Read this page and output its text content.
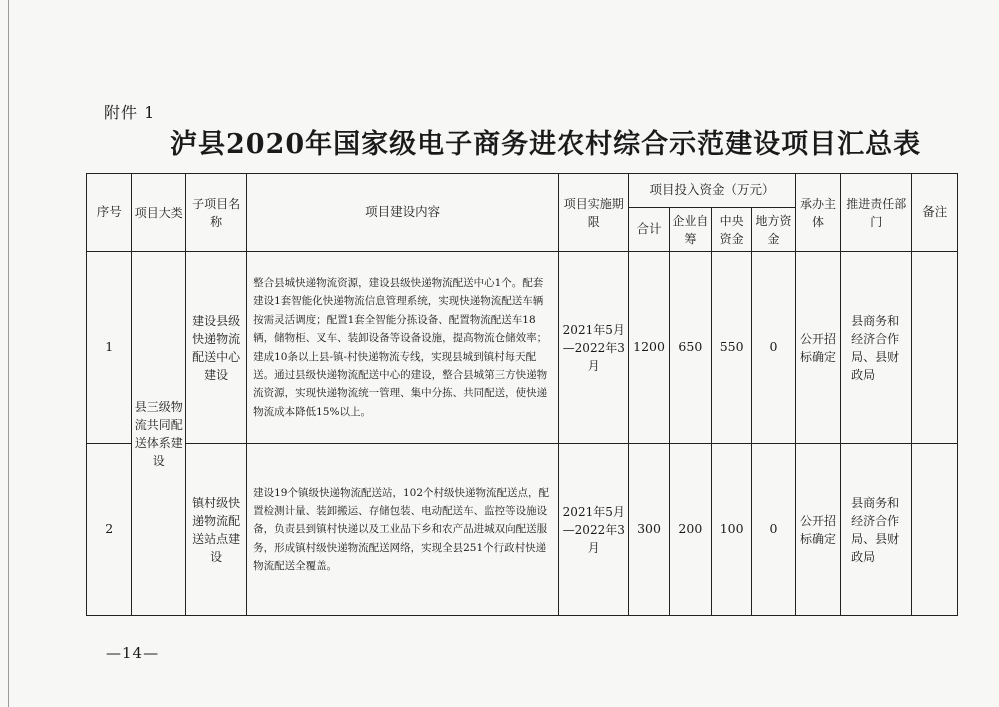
附件 1
泸县2020年国家级电子商务进农村综合示范建设项目汇总表
序号	项目大类	子项目名称	项目建设内容	项目实施期限	项目投入资金（万元）				承办主体	推进责任部门	备注
					合计	企业自筹	中央资金	地方资金			
1	县三级物流共同配送体系建设	建设县级快递物流配送中心建设	整合县城快递物流资源，建设县级快递物流配送中心1个。配套建设1套智能化快递物流信息管理系统，实现快递物流配送车辆按需灵活调度；配置1套全智能分拣设备、配置物流配送车18辆，储物柜、叉车、装卸设备等设备设施，提高物流仓储效率；建成10条以上县-镇-村快递物流专线，实现县城到镇村每天配送。通过县级快递物流配送中心的建设，整合县城第三方快递物流资源，实现快递物流统一管理、集中分拣、共同配送，使快递物流成本降低15%以上。	2021年5月—2022年3月	1200	650	550	0	公开招标确定	县商务和经济合作局、县财政局	
2		镇村级快递物流配送站点建设	建设19个镇级快递物流配送站，102个村级快递物流配送点，配置检测计量、装卸搬运、存储包装、电动配送车、监控等设施设备，负责县到镇村快递以及工业品下乡和农产品进城双向配送服务，形成镇村级快递物流配送网络，实现全县251个行政村快递物流配送全覆盖。	2021年5月—2022年3月	300	200	100	0	公开招标确定	县商务和经济合作局、县财政局	
—14—
